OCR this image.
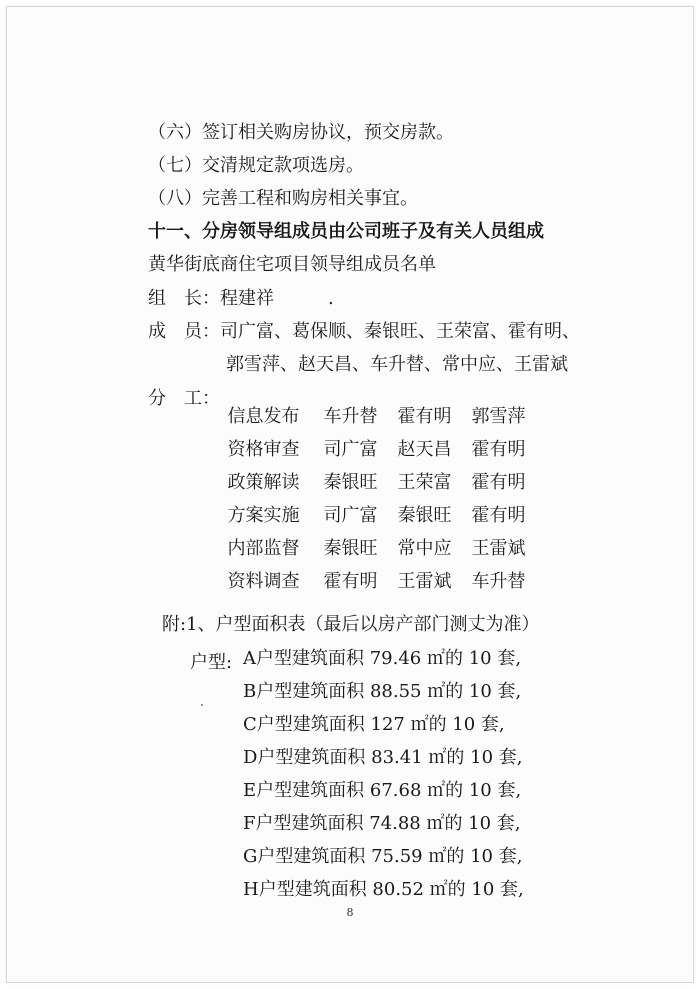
（六）签订相关购房协议，预交房款。
（七）交清规定款项选房。
（八）完善工程和购房相关事宜。
十一、分房领导组成员由公司班子及有关人员组成
黄华街底商住宅项目领导组成员名单
组　长：程建祥　　　.
成　员：司广富、葛保顺、秦银旺、王荣富、霍有明、
郭雪萍、赵天昌、车升替、常中应、王雷斌
分　工：

信息发布 车升替 霍有明 郭雪萍

资格审查 司广富 赵天昌 霍有明

政策解读 秦银旺 王荣富 霍有明

方案实施 司广富 秦银旺 霍有明

内部监督 秦银旺 常中应 王雷斌

资料调查 霍有明 王雷斌 车升替

附:1、户型面积表（最后以房产部门测丈为准）
户型: A户型建筑面积 79.46 ㎡的 10 套,
B户型建筑面积 88.55 ㎡的 10 套,
C户型建筑面积 127 ㎡的 10 套,
D户型建筑面积 83.41 ㎡的 10 套,
E户型建筑面积 67.68 ㎡的 10 套,
F户型建筑面积 74.88 ㎡的 10 套,
G户型建筑面积 75.59 ㎡的 10 套,
H户型建筑面积 80.52 ㎡的 10 套,
8
